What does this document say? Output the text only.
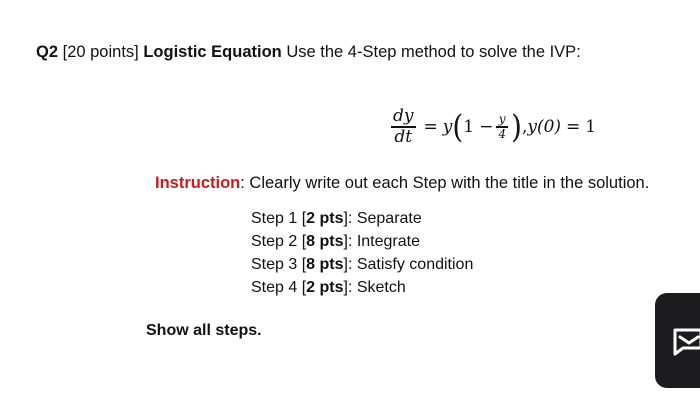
Q2 [20 points] Logistic Equation Use the 4-Step method to solve the IVP:
$\frac{dy}{dt} = y$ ( $1 - \frac{y}{4}$ ) , y(0) = 1
Instruction: Clearly write out each Step with the title in the solution.
Step 1 [2 pts]: Separate
Step 2 [8 pts]: Integrate
Step 3 [8 pts]: Satisfy condition
Step 4 [2 pts]: Sketch
Show all steps.
